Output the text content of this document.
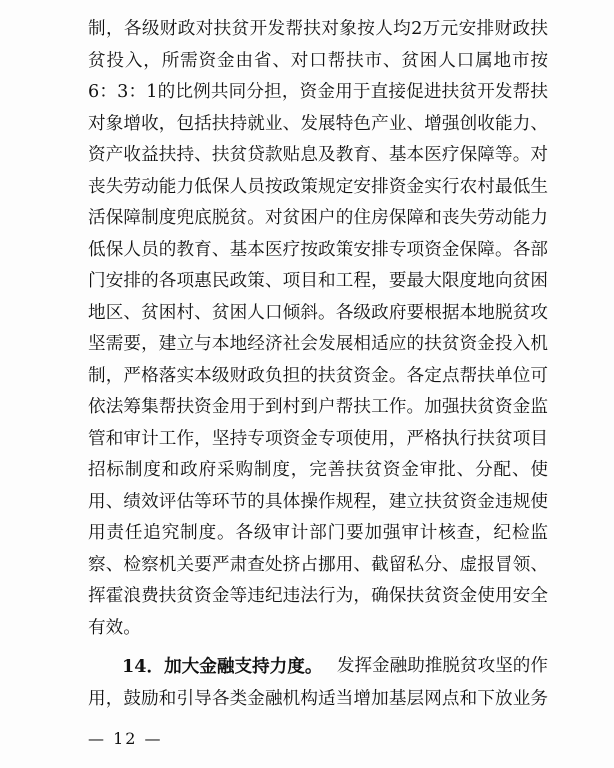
制，各级财政对扶贫开发帮扶对象按人均2万元安排财政扶
贫投入，所需资金由省、对口帮扶市、贫困人口属地市按
6：3：1的比例共同分担，资金用于直接促进扶贫开发帮扶
对象增收，包括扶持就业、发展特色产业、增强创收能力、
资产收益扶持、扶贫贷款贴息及教育、基本医疗保障等。对
丧失劳动能力低保人员按政策规定安排资金实行农村最低生
活保障制度兜底脱贫。对贫困户的住房保障和丧失劳动能力
低保人员的教育、基本医疗按政策安排专项资金保障。各部
门安排的各项惠民政策、项目和工程，要最大限度地向贫困
地区、贫困村、贫困人口倾斜。各级政府要根据本地脱贫攻
坚需要，建立与本地经济社会发展相适应的扶贫资金投入机
制，严格落实本级财政负担的扶贫资金。各定点帮扶单位可
依法筹集帮扶资金用于到村到户帮扶工作。加强扶贫资金监
管和审计工作，坚持专项资金专项使用，严格执行扶贫项目
招标制度和政府采购制度，完善扶贫资金审批、分配、使
用、绩效评估等环节的具体操作规程，建立扶贫资金违规使
用责任追究制度。各级审计部门要加强审计核查，纪检监
察、检察机关要严肃查处挤占挪用、截留私分、虚报冒领、
挥霍浪费扶贫资金等违纪违法行为，确保扶贫资金使用安全
有效。
14．加大金融支持力度。 发挥金融助推脱贫攻坚的作
用，鼓励和引导各类金融机构适当增加基层网点和下放业务
— 12 —
